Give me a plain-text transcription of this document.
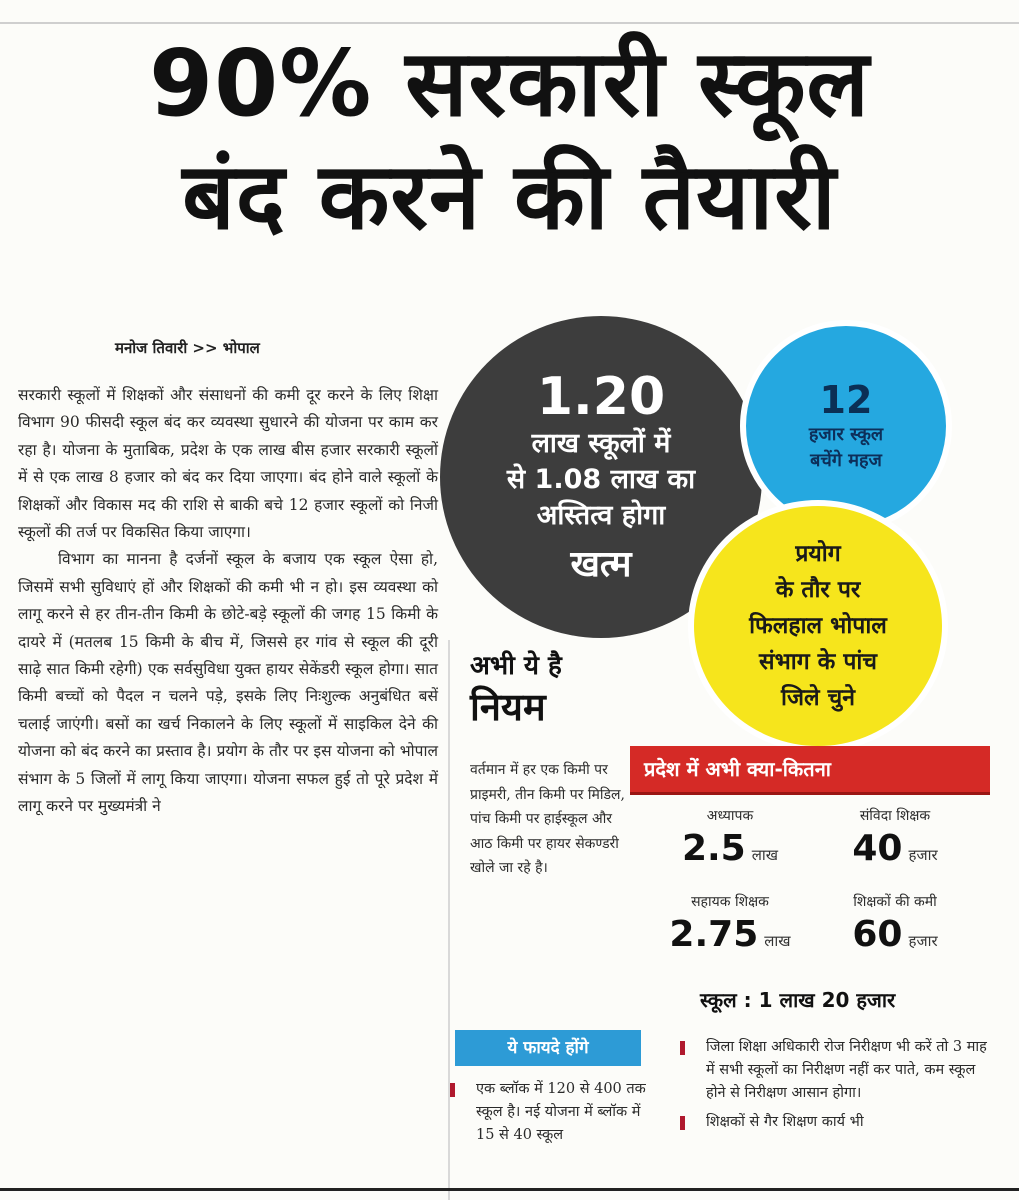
90% सरकारी स्कूल
बंद करने की तैयारी
मनोज तिवारी >> भोपाल

सरकारी स्कूलों में शिक्षकों और संसाधनों की कमी दूर करने के लिए शिक्षा विभाग 90 फीसदी स्कूल बंद कर व्यवस्था सुधारने की योजना पर काम कर रहा है। योजना के मुताबिक, प्रदेश के एक लाख बीस हजार सरकारी स्कूलों में से एक लाख 8 हजार को बंद कर दिया जाएगा। बंद होने वाले स्कूलों के शिक्षकों और विकास मद की राशि से बाकी बचे 12 हजार स्कूलों को निजी स्कूलों की तर्ज पर विकसित किया जाएगा।

विभाग का मानना है दर्जनों स्कूल के बजाय एक स्कूल ऐसा हो, जिसमें सभी सुविधाएं हों और शिक्षकों की कमी भी न हो। इस व्यवस्था को लागू करने से हर तीन-तीन किमी के छोटे-बड़े स्कूलों की जगह 15 किमी के दायरे में (मतलब 15 किमी के बीच में, जिससे हर गांव से स्कूल की दूरी साढ़े सात किमी रहेगी) एक सर्वसुविधा युक्त हायर सेकेंडरी स्कूल होगा। सात किमी बच्चों को पैदल न चलने पड़े, इसके लिए निःशुल्क अनुबंधित बसें चलाई जाएंगी। बसों का खर्च निकालने के लिए स्कूलों में साइकिल देने की योजना को बंद करने का प्रस्ताव है। प्रयोग के तौर पर इस योजना को भोपाल संभाग के 5 जिलों में लागू किया जाएगा। योजना सफल हुई तो पूरे प्रदेश में लागू करने पर मुख्यमंत्री ने

1.20
लाख स्कूलों में
से 1.08 लाख का
अस्तित्व होगा
खत्म
12
हजार स्कूल
बचेंगे महज
प्रयोग
के तौर पर
फिलहाल भोपाल
संभाग के पांच
जिले चुने
अभी ये है
नियम
वर्तमान में हर एक किमी पर प्राइमरी, तीन किमी पर मिडिल, पांच किमी पर हाईस्कूल और आठ किमी पर हायर सेकण्डरी खोले जा रहे है।
प्रदेश में अभी क्या-कितना
अध्यापक
2.5 लाख
संविदा शिक्षक
40 हजार
सहायक शिक्षक
2.75 लाख
शिक्षकों की कमी
60 हजार
स्कूल : 1 लाख 20 हजार
ये फायदे होंगे
एक ब्लॉक में 120 से 400 तक स्कूल है। नई योजना में ब्लॉक में 15 से 40 स्कूल
जिला शिक्षा अधिकारी रोज निरीक्षण भी करें तो 3 माह में सभी स्कूलों का निरीक्षण नहीं कर पाते, कम स्कूल होने से निरीक्षण आसान होगा।
शिक्षकों से गैर शिक्षण कार्य भी
